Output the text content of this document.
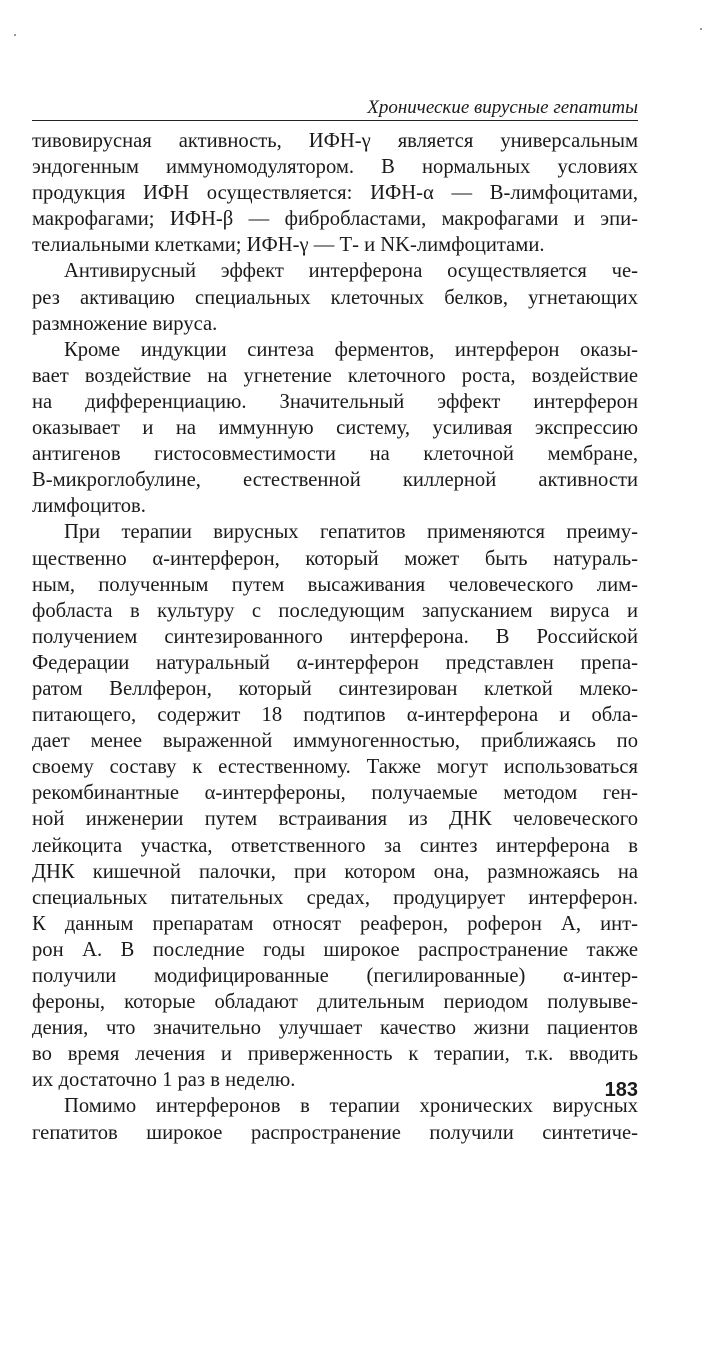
Хронические вирусные гепатиты
тивовирусная активность, ИФН-γ является универсальным
эндогенным иммуномодулятором. В нормальных условиях
продукция ИФН осуществляется: ИФН-α — В-лимфоцитами,
макрофагами; ИФН-β — фибробластами, макрофагами и эпи-
телиальными клетками; ИФН-γ — Т- и NK-лимфоцитами.
Антивирусный эффект интерферона осуществляется че-
рез активацию специальных клеточных белков, угнетающих
размножение вируса.
Кроме индукции синтеза ферментов, интерферон оказы-
вает воздействие на угнетение клеточного роста, воздействие
на дифференциацию. Значительный эффект интерферон
оказывает и на иммунную систему, усиливая экспрессию
антигенов гистосовместимости на клеточной мембране,
В-микроглобулине, естественной киллерной активности
лимфоцитов.
При терапии вирусных гепатитов применяются преиму-
щественно α-интерферон, который может быть натураль-
ным, полученным путем высаживания человеческого лим-
фобласта в культуру с последующим запусканием вируса и
получением синтезированного интерферона. В Российской
Федерации натуральный α-интерферон представлен препа-
ратом Веллферон, который синтезирован клеткой млеко-
питающего, содержит 18 подтипов α-интерферона и обла-
дает менее выраженной иммуногенностью, приближаясь по
своему составу к естественному. Также могут использоваться
рекомбинантные α-интерфероны, получаемые методом ген-
ной инженерии путем встраивания из ДНК человеческого
лейкоцита участка, ответственного за синтез интерферона в
ДНК кишечной палочки, при котором она, размножаясь на
специальных питательных средах, продуцирует интерферон.
К данным препаратам относят реаферон, роферон А, инт-
рон А. В последние годы широкое распространение также
получили модифицированные (пегилированные) α-интер-
фероны, которые обладают длительным периодом полувыве-
дения, что значительно улучшает качество жизни пациентов
во время лечения и приверженность к терапии, т.к. вводить
их достаточно 1 раз в неделю.
Помимо интерферонов в терапии хронических вирусных
гепатитов широкое распространение получили синтетиче-
183
